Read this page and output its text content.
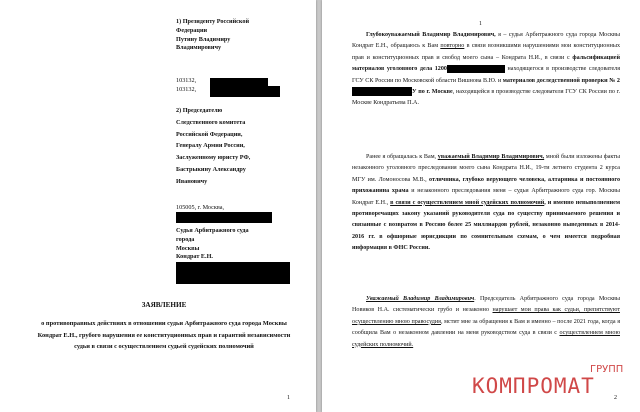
1) Президенту Российской
Федерации
Путину Владимиру
Владимировичу
103132,
103132,
2) Председателю
Следственного комитета
Российской Федерации,
Генералу Армии России,
Заслуженному юристу РФ,
Бастрыкину Александру
Ивановичу
105005, г. Москва,
Судья Арбитражного суда
города
Москвы
Кондрат Е.Н.
ЗАЯВЛЕНИЕ
о противоправных действиях в отношении судьи Арбитражного суда города Москвы Кондрат Е.Н., грубого нарушения ее конституционных прав и гарантий независимости судьи в связи с осуществлением судьей судейских полномочий
1
1

Глубокоуважаемый Владимир Владимирович, я – судья Арбитражного суда города Москвы Кондрат Е.Н., обращаюсь к Вам повторно в связи возникшими нарушениями мои конституционных прав и конституционных прав и свобод моего сына – Кондрата Н.И., в связи с фальсификацией материалов уголовного дела 1200	находящегося в производстве следователя ГСУ СК России по Московской области Вишнова В.Ю. и материалов доследственной проверки № 2У по г. Москве, находящейся в производстве следователя ГСУ СК России по г. Москве Кондратьева П.А.

Ранее я обращалась к Вам, уважаемый Владимир Владимирович, мной были изложены факты незаконного уголовного преследования моего сына Кондрата Н.И., 19-ти летнего студента 2 курса МГУ им. Ломоносова М.В., отличника, глубоко верующего человека, алтарника и постоянного прихожанина храма и незаконного преследования меня – судьи Арбитражного суда гор. Москвы Кондрат Е.Н., в связи с осуществлением мной судейских полномочий, и именно невыполнением противоречащих закону указаний руководителя суда по существу принимаемого решения и связанные с возвратом в Россию более 25 миллиардов рублей, незаконно выведенных в 2014-2016 гг. в офшорные юрисдикции по сомнительным схемам, о чем имеется подробная информация в ФНС России.

Уважаемый Владимир Владимирович. Председатель Арбитражного суда города Москвы Новиков Н.А. систематически грубо и незаконно нарушает мои права как судьи, препятствуют осуществлению мною правосудия, мстит мне за обращения к Вам и именно – после 2021 года, когда я сообщила Вам о незаконном давлении на меня руководством суда в связи с осуществлением мною судейских полномочий.

2
ГРУПП
КОМПРОМАТ
